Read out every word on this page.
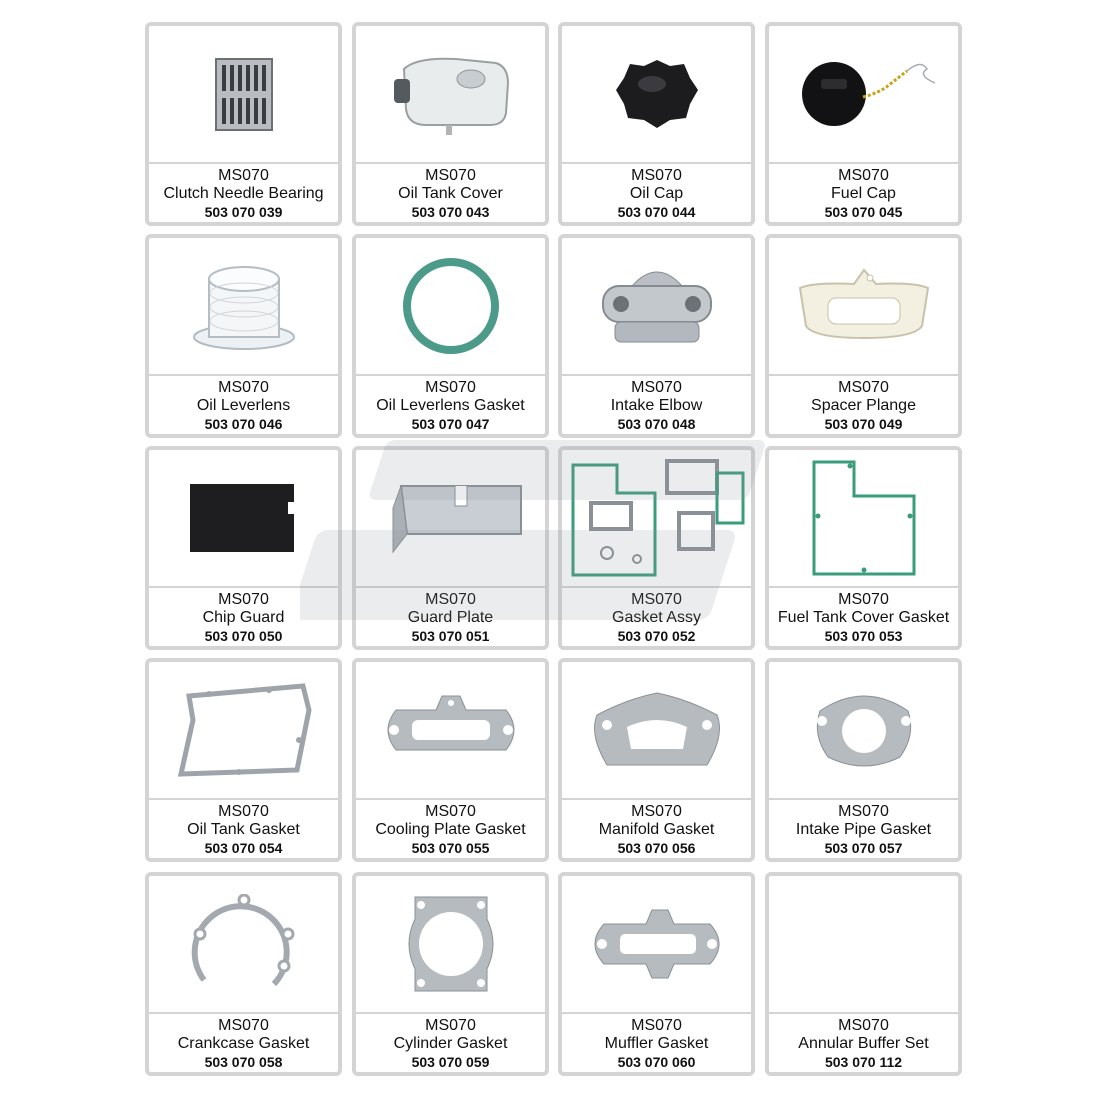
MS070
Clutch Needle Bearing
503 070 039
MS070
Oil Tank Cover
503 070 043
MS070
Oil Cap
503 070 044
MS070
Fuel Cap
503 070 045
MS070
Oil Leverlens
503 070 046
MS070
Oil Leverlens Gasket
503 070 047
MS070
Intake Elbow
503 070 048
MS070
Spacer Plange
503 070 049
MS070
Chip Guard
503 070 050
MS070
Guard Plate
503 070 051
MS070
Gasket Assy
503 070 052
MS070
Fuel Tank Cover Gasket
503 070 053
MS070
Oil Tank Gasket
503 070 054
MS070
Cooling Plate Gasket
503 070 055
MS070
Manifold Gasket
503 070 056
MS070
Intake Pipe Gasket
503 070 057
MS070
Crankcase Gasket
503 070 058
MS070
Cylinder Gasket
503 070 059
MS070
Muffler Gasket
503 070 060
MS070
Annular Buffer Set
503 070 112
